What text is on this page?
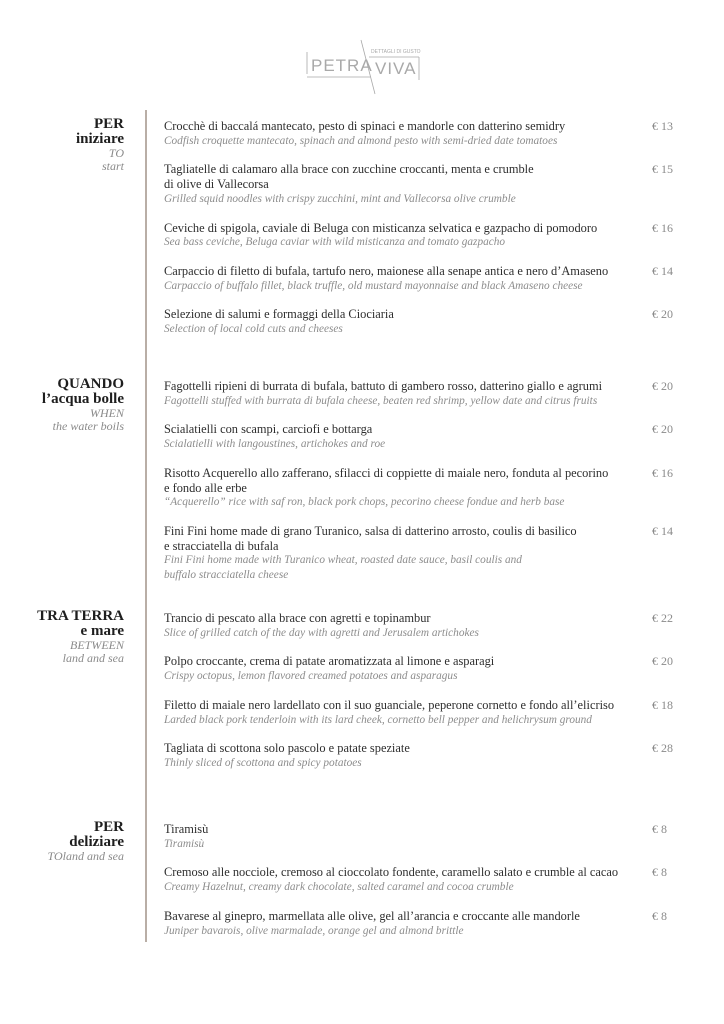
PETRA
DETTAGLI DI GUSTO
VIVA
PER
iniziare
TO
start
Crocchè di baccalá mantecato, pesto di spinaci e mandorle con datterino semidry
Codfish croquette mantecato, spinach and almond pesto with semi-dried date tomatoes
€ 13
Tagliatelle di calamaro alla brace con zucchine croccanti, menta e crumble
di olive di Vallecorsa
Grilled squid noodles with crispy zucchini, mint and Vallecorsa olive crumble
€ 15
Ceviche di spigola, caviale di Beluga con misticanza selvatica e gazpacho di pomodoro
Sea bass ceviche, Beluga caviar with wild misticanza and tomato gazpacho
€ 16
Carpaccio di filetto di bufala, tartufo nero, maionese alla senape antica e nero d’Amaseno
Carpaccio of buffalo fillet, black truffle, old mustard mayonnaise and black Amaseno cheese
€ 14
Selezione di salumi e formaggi della Ciociaria
Selection of local cold cuts and cheeses
€ 20
QUANDO
l’acqua bolle
WHEN
the water boils
Fagottelli ripieni di burrata di bufala, battuto di gambero rosso, datterino giallo e agrumi
Fagottelli stuffed with burrata di bufala cheese, beaten red shrimp, yellow date and citrus fruits
€ 20
Scialatielli con scampi, carciofi e bottarga
Scialatielli with langoustines, artichokes and roe
€ 20
Risotto Acquerello allo zafferano, sfilacci di coppiette di maiale nero, fonduta al pecorino
e fondo alle erbe
“Acquerello” rice with saf ron, black pork chops, pecorino cheese fondue and herb base
€ 16
Fini Fini home made di grano Turanico, salsa di datterino arrosto, coulis di basilico
e stracciatella di bufala
Fini Fini home made with Turanico wheat, roasted date sauce, basil coulis and
buffalo stracciatella cheese
€ 14
TRA TERRA
e mare
BETWEEN
land and sea
Trancio di pescato alla brace con agretti e topinambur
Slice of grilled catch of the day with agretti and Jerusalem artichokes
€ 22
Polpo croccante, crema di patate aromatizzata al limone e asparagi
Crispy octopus, lemon flavored creamed potatoes and asparagus
€ 20
Filetto di maiale nero lardellato con il suo guanciale, peperone cornetto e fondo all’elicriso
Larded black pork tenderloin with its lard cheek, cornetto bell pepper and helichrysum ground
€ 18
Tagliata di scottona solo pascolo e patate speziate
Thinly sliced of scottona and spicy potatoes
€ 28
PER
deliziare
TOland and sea
Tiramisù
Tiramisù
€ 8
Cremoso alle nocciole, cremoso al cioccolato fondente, caramello salato e crumble al cacao
Creamy Hazelnut, creamy dark chocolate, salted caramel and cocoa crumble
€ 8
Bavarese al ginepro, marmellata alle olive, gel all’arancia e croccante alle mandorle
Juniper bavarois, olive marmalade, orange gel and almond brittle
€ 8
